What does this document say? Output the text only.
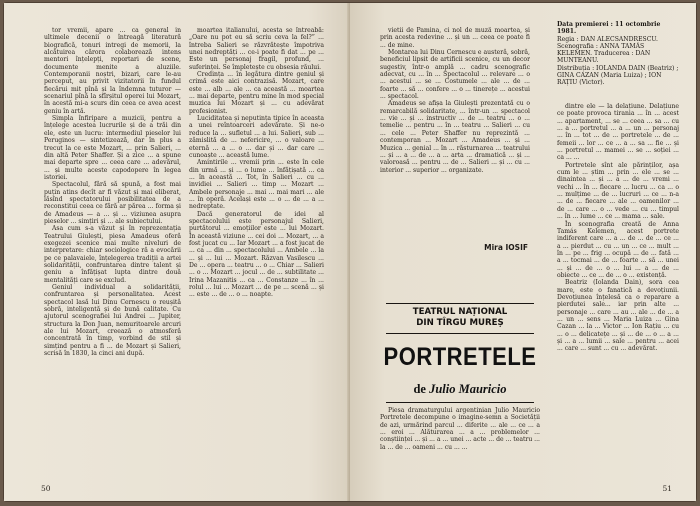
tor vremii, apare ... ca general in ultimele decenii o întreagă literatură biografică, tonuri intregi de memorii, la alcătuirea cărora colaborează intens mentori înțelepți, reportari de scene, documente menite a aluziile. Contemporanii noștri, bizari, care le-au perceput, au privit vizitatorii în fundul fiecărui mit pînă și la îndemna tuturor — scenariul pînă la sfîrșitul operei lui Mozart, în acestă mi-a scurs din ceea ce avea acest geniu în artă.

Simpla înfiripare a muzicii, pentru a înțelege acestea lucrurile și de a trăi din ele, este un lucru: intermediul pieselor lui Peruginos — sintetizează, dar în plus a trecut la ce este Mozart, ... prin Salieri, ... din altă Peter Shaffer. Și a zice ... a spune mai departe spre ... ceea care ... adevărul, ... și multe aceste capodopere în legea istoriei.

Spectacolul, fără să spună, a fost mai puțin atins decît ar fi văzut și mai eliberat, lăsînd spectatorului posibilitatea de a reconstitui ceea ce fără ar părea ... forma și de Amadeus — a ... și ... viziunea asupra pieselor ... simțiri și ... ale subiectului.

Asa cum s-a văzut și în reprezentația Teatrului Giulești, piesa Amadeus oferă exegezei scenice mai multe niveluri de interpretare: chiar sociologice ră a evocării pe ce palavaiele, înțelegerea tradiții a artei solidarității, confruntarea dintre talent și geniu a înfățișat lupta dintre două mentalități care se exclud.

Geniul individual a solidarității, confruntarea și personalitatea. Acest spectacol lasă lui Dinu Cernescu o reușită sobră, inteligentă și de bună calitate. Cu ajutorul scenografiei lui Andrei ... Jupiter, structura la Don Juan, nemuritoarele arcuri ale lui Mozart, creează o atmosferă concentrată în timp, vorbind de stil și simțind pentru a fi ... de Mozart și Salieri, scrisă în 1830, la cinci ani după.

moartea italianului, acesta se întreabă: „Oare nu pot eu să scriu ceva la fel?” ... întreba Salieri se răzvrătește împotriva unei nedreptăți ... ce-i poate fi dat ... pe ... Este un personaj fragil, profund, ... suferinței. Se împletește cu obsesia răului.

Credința ... în legătura dintre geniul și crimă este aici contrazisă. Mozart, care este ... alb ... ale ... ca această ... moartea ... mai departe, pentru mine în mod special muzica lui Mozart și ... cu adevărat profesionist.

Luciditatea și neputința tipice în aceasta a unei reîntoarceri adevărate. Și ne-o reduce la ... sufletul ... a lui. Salieri, sub ... zămislită de ... nefericire, ... o valoare ... eternă ... a ... o ... dar și ... dar care ... cunoaște ... această lume.

Amintirile ... vremii prin ... este în cele din urmă ... și ... o lume ... înfățișată ... ca ... în această ... Tot, în Salieri ... cu ... invidiei ... Salieri ... timp ... Mozart ... Ambele personaje ... mai ... mai mari ... ale ... în operă. Același este ... o ... de ... a ... nedreptate.

Dacă generatorul de idei al spectacolului este personajul Salieri, purtătorul ... emoțiilor este ... lui Mozart. În această viziune ... cei doi ... Mozart, ... a fost jucat cu ... Iar Mozart ... a fost jucat de ... ca ... din ... spectacolului ... Ambele ... la ... și ... lui ... Mozart. Răzvan Vasilescu ... De ... opera ... teatru ... o ... Chiar ... Salieri ... o ... Mozart ... jocul ... de ... subtilitate ... Irina Mazanitis ... ca ... Constanze ... în ... rolul ... lui ... Mozart ... de pe ... scenă ... și ... este ... de ... o ... noapte.

50

vietii de Pamina, ci nol de muzä moartea, și prin acesta redevine ... și un ... ceea ce poate fi ... de mine.

Montarea lui Dinu Cernescu e austeră, sobră, beneficiul lipsit de artificii scenice, cu un decor sugestiv, într-o amplă ... cadru scenografic adecvat, cu ... în ... Spectacolul ... relevare ... o ... acestui ... se ... Costumele ... ale ... de ... foarte ... să ... confere ... o ... tinerețe ... acestui ... spectacol.

Amadeus se afișa la Giulești prezentată cu o remarcabilă solidaritate, ... într-un ... spectacol ... vie ... și ... instructiv ... de ... teatru ... o ... temelie ... pentru ... în ... teatru ... Salieri ... cu ... cele ... Peter Shaffer nu reprezintă ... contemporan ... Mozart ... Amadeus ... și ... Muzica ... genial ... în ... răsturnarea ... teatrului ... și ... a ... de ... a ... arta ... dramatică ... și ... valoroasă ... pentru ... de ... Salieri ... și ... cu ... interior ... superior ... organizate.

Mira IOSIF

Data premierei : 11 octombrie 1981.

Regia : DAN ALECSANDRESCU.

Scenografia : ANNA TAMÁS KELEMEN. Traducerea : DAN MUNTEANU.

Distribuția : IOLANDA DAIN (Beatriz) ; GINA CAZAN (Maria Luiza) ; ION RAȚIU (Victor).

TEATRUL NAȚIONAL
DIN TÎRGU MUREȘ
PORTRETELE
de Julio Mauricio

Piesa dramaturgului argentinian Julio Mauricio Portretele decompune o imagine-semn a Societății de azi, urmărind parcul ... diferite ... ale ... ce ... a ... eroi ... Alăturarea ... a ... problemelor ... conștiinței ... și ... a ... unei ... acte ... de ... teatru ... la ... de ... oameni ... cu ... ...

dintre ele — la delațiune. Delațiune ce poate provoca tirania ... în ... acest ... apartament, ... se ... ceea ... sa ... cu ... a ... portretul ... a ... un ... personaj ... în ... tot ... de ... portretele ... de ... femeii ... lor ... ce ... a ... sa ... fie ... și ... portretul ... mamei ... se ... soției ... ca ... ...

Portretele sînt ale părinților, așa cum le ... știm ... prin ... ele ... se ... dinaintea ... și ... a ... de ... vremi ... vechi ... în ... fiecare ... lucru ... ca ... o ... mulțime ... de ... lucruri ... ce ... n-a ... de ... fiecare ... ale ... oamenilor ... de ... care ... o ... vede ... cu ... timpul ... în ... lume ... ce ... mama ... sale.

În scenografia creată de Anna Tamás Kelemen, acest portrete indiferent care ... a ... de ... de ... ce ... a ... pierdut ... cu ... un ... ce ... mult ... în ... pe ... frig ... ocupă ... de ... fată ... a ... tocmai ... de ... foarte ... să ... unei ... și ... de ... o ... lui ... a ... de ... obiecte ... ce ... de ... o ... existență.

Beatriz (Iolanda Dain), sora cea mare, este o fanatică a devoțiunii. Devoțiunea înțelesă ca o reparare a pierdutei sale... iar prin alte ... personaje ... care ... au ... ale ... de ... a ... un ... sens ... Maria Luiza ... Gina Cazan ... la ... Victor ... Ion Rațiu ... cu ... o ... delicatețe ... și ... de ... o ... a ... și ... a ... lumii ... sale ... pentru ... acei ... care ... sunt ... cu ... adevărat.

51
